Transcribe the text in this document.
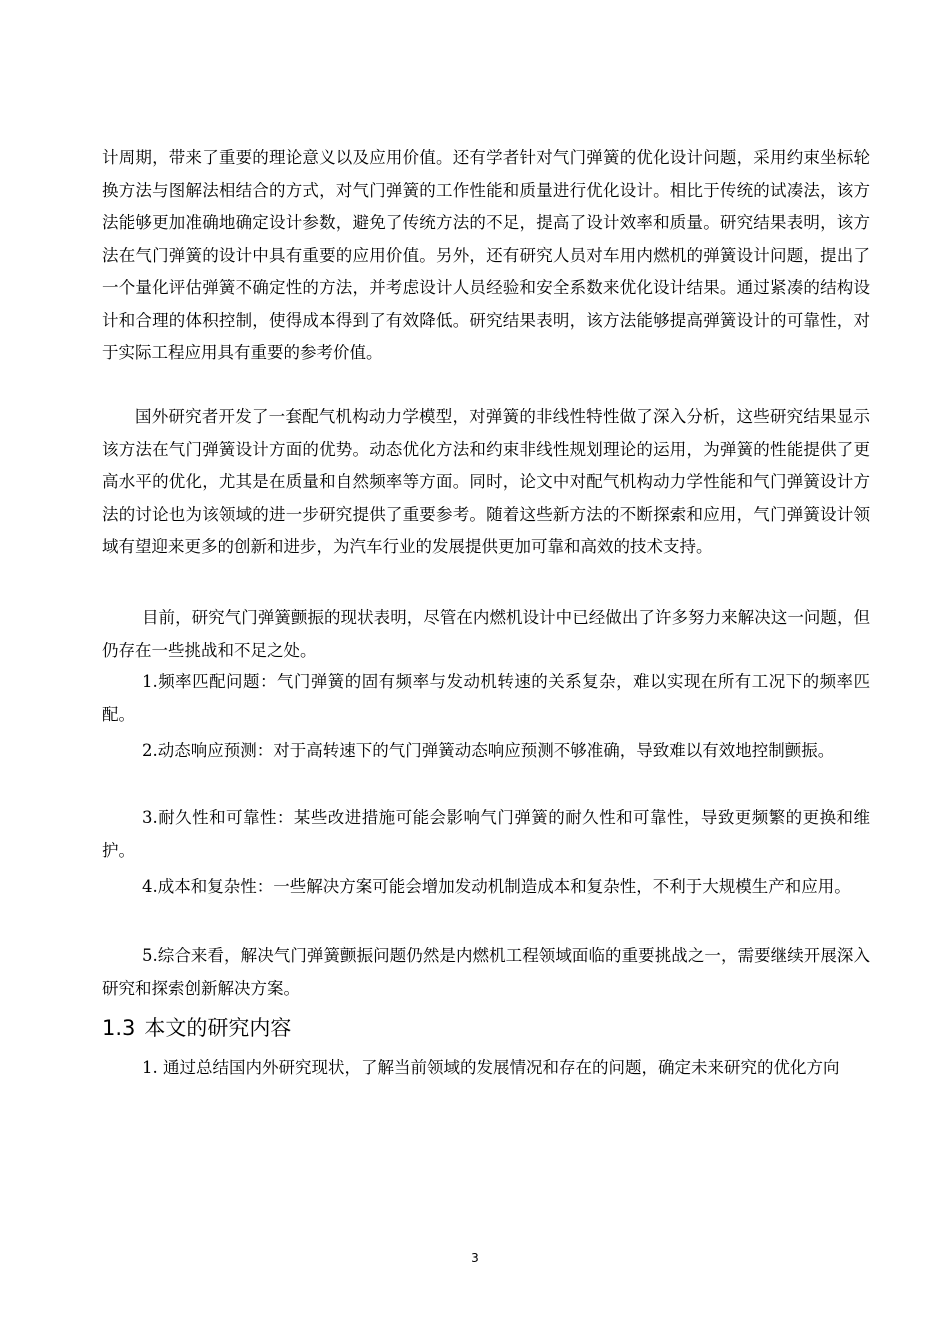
计周期，带来了重要的理论意义以及应用价值。还有学者针对气门弹簧的优化设计问题，采用约束坐标轮换方法与图解法相结合的方式，对气门弹簧的工作性能和质量进行优化设计。相比于传统的试凑法，该方法能够更加准确地确定设计参数，避免了传统方法的不足，提高了设计效率和质量。研究结果表明，该方法在气门弹簧的设计中具有重要的应用价值。另外，还有研究人员对车用内燃机的弹簧设计问题，提出了一个量化评估弹簧不确定性的方法，并考虑设计人员经验和安全系数来优化设计结果。通过紧凑的结构设计和合理的体积控制，使得成本得到了有效降低。研究结果表明，该方法能够提高弹簧设计的可靠性，对于实际工程应用具有重要的参考价值。

国外研究者开发了一套配气机构动力学模型，对弹簧的非线性特性做了深入分析，这些研究结果显示该方法在气门弹簧设计方面的优势。动态优化方法和约束非线性规划理论的运用，为弹簧的性能提供了更高水平的优化，尤其是在质量和自然频率等方面。同时，论文中对配气机构动力学性能和气门弹簧设计方法的讨论也为该领域的进一步研究提供了重要参考。随着这些新方法的不断探索和应用，气门弹簧设计领域有望迎来更多的创新和进步，为汽车行业的发展提供更加可靠和高效的技术支持。

目前，研究气门弹簧颤振的现状表明，尽管在内燃机设计中已经做出了许多努力来解决这一问题，但仍存在一些挑战和不足之处。

1.频率匹配问题：气门弹簧的固有频率与发动机转速的关系复杂，难以实现在所有工况下的频率匹配。

2.动态响应预测：对于高转速下的气门弹簧动态响应预测不够准确，导致难以有效地控制颤振。

3.耐久性和可靠性：某些改进措施可能会影响气门弹簧的耐久性和可靠性，导致更频繁的更换和维护。

4.成本和复杂性：一些解决方案可能会增加发动机制造成本和复杂性，不利于大规模生产和应用。

5.综合来看，解决气门弹簧颤振问题仍然是内燃机工程领域面临的重要挑战之一，需要继续开展深入研究和探索创新解决方案。

1.3 本文的研究内容

1. 通过总结国内外研究现状，了解当前领域的发展情况和存在的问题，确定未来研究的优化方向

3
